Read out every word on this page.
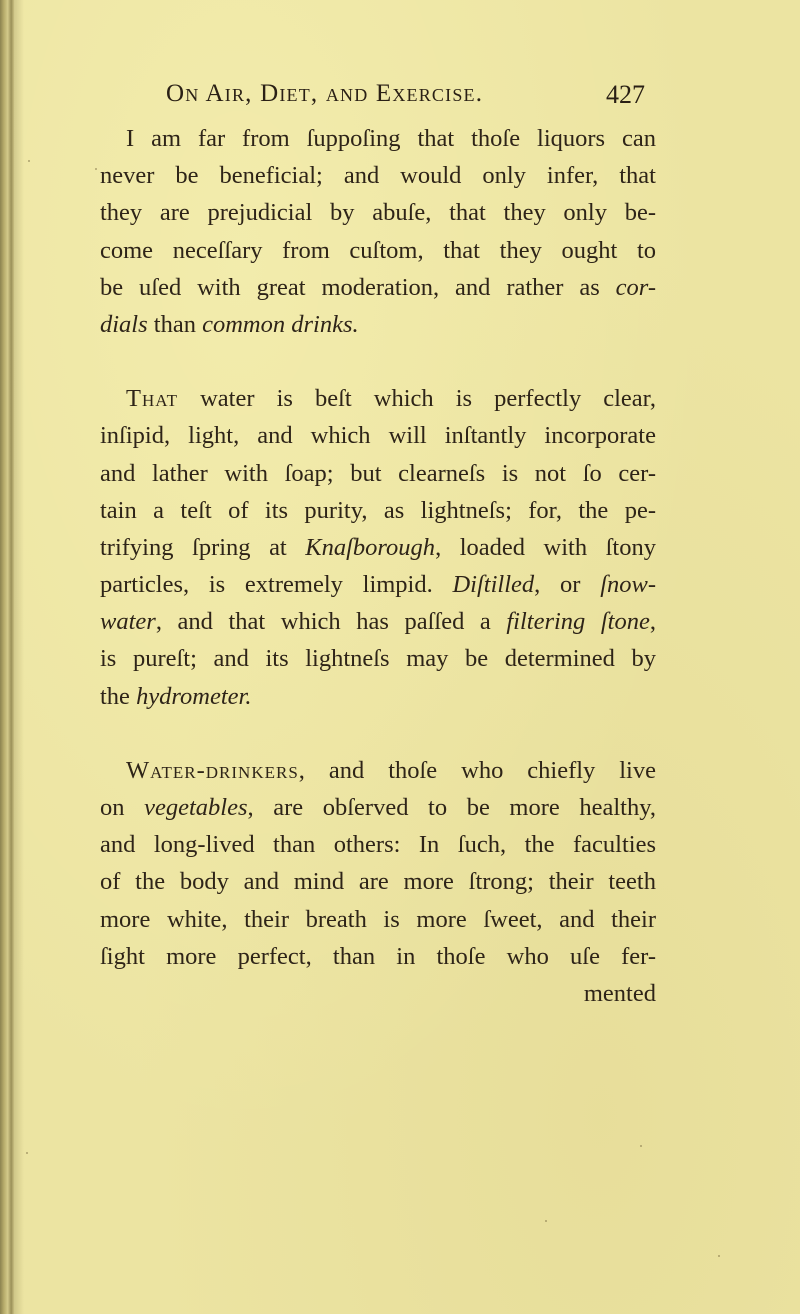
On Air, Diet, and Exercise.	427
I am far from ſuppoſing that thoſe liquors can
never be beneficial; and would only infer, that
they are prejudicial by abuſe, that they only be-
come neceſſary from cuſtom, that they ought to
be uſed with great moderation, and rather as cor-
dials than common drinks.
That water is beſt which is perfectly clear,
inſipid, light, and which will inſtantly incorporate
and lather with ſoap; but clearneſs is not ſo cer-
tain a teſt of its purity, as lightneſs; for, the pe-
trifying ſpring at Knaſborough, loaded with ſtony
particles, is extremely limpid. Diſtilled, or ſnow-
water, and that which has paſſed a filtering ſtone,
is pureſt; and its lightneſs may be determined by
the hydrometer.
Water-drinkers, and thoſe who chiefly live
on vegetables, are obſerved to be more healthy,
and long-lived than others: In ſuch, the faculties
of the body and mind are more ſtrong; their teeth
more white, their breath is more ſweet, and their
ſight more perfect, than in thoſe who uſe fer-
mented
